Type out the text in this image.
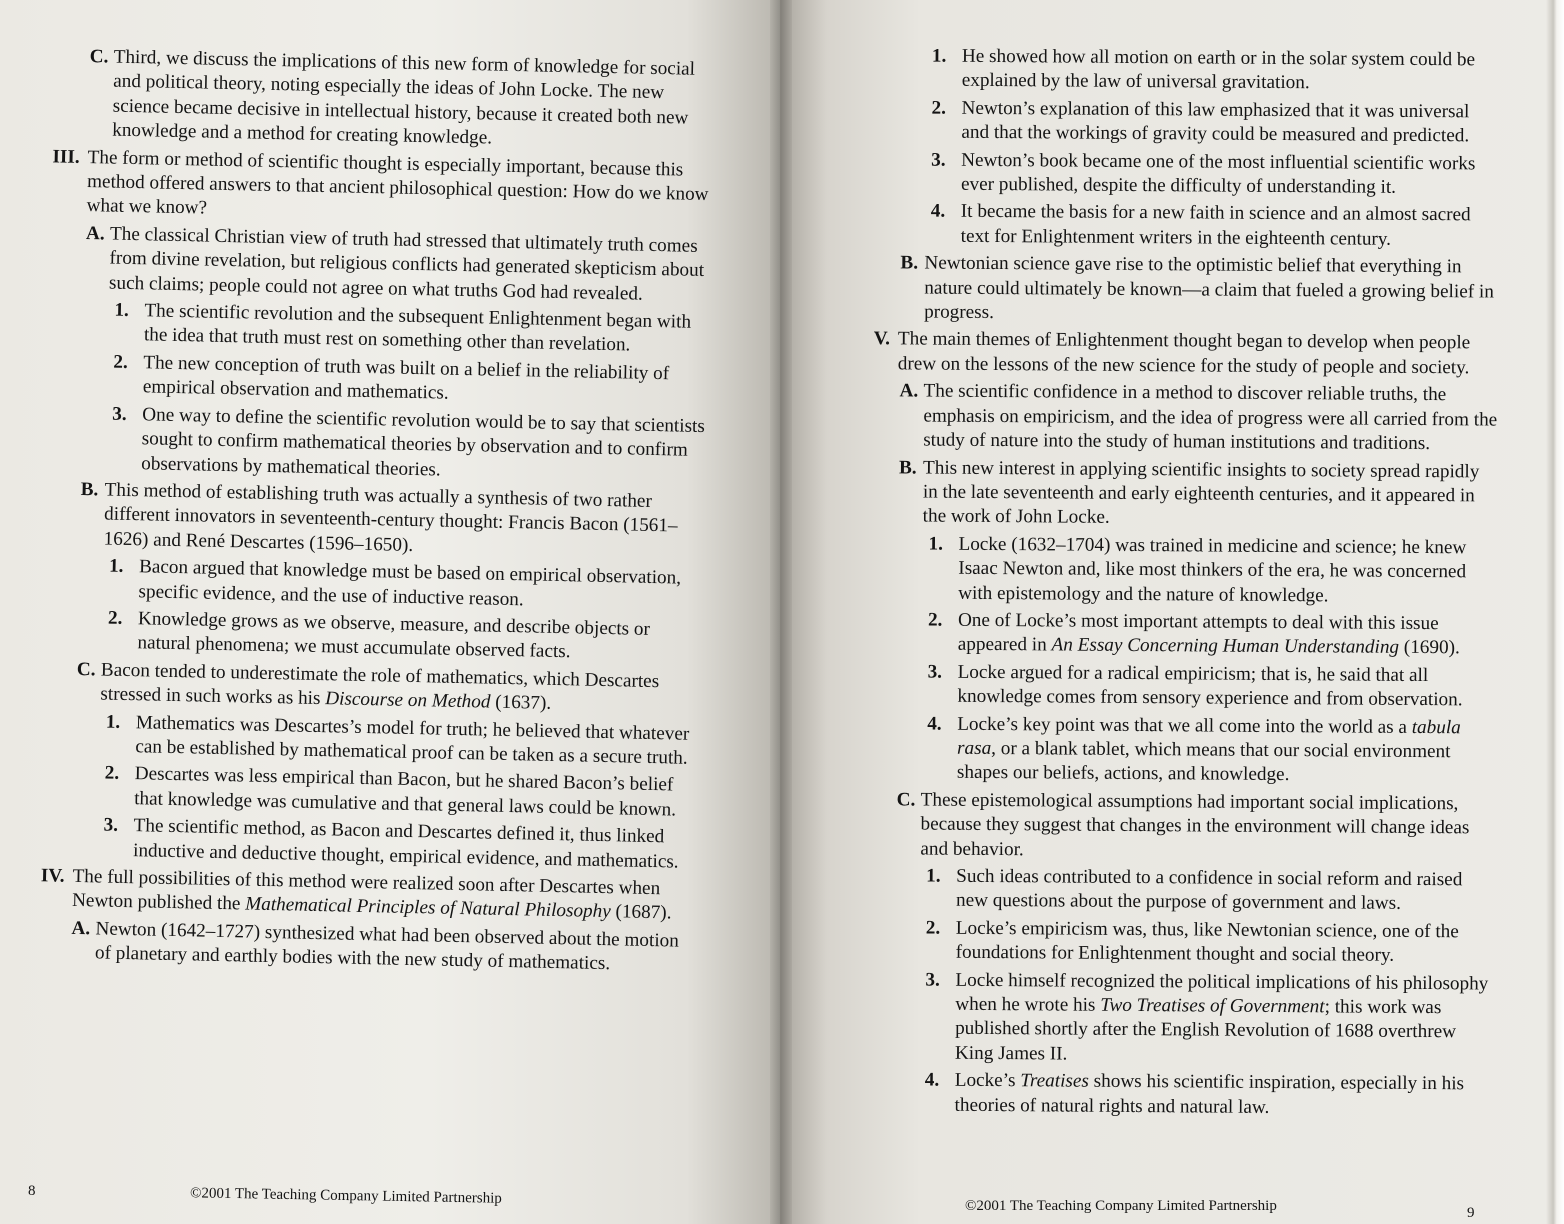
C. Third, we discuss the implications of this new form of knowledge for social and political theory, noting especially the ideas of John Locke. The new science became decisive in intellectual history, because it created both new knowledge and a method for creating knowledge.
III. The form or method of scientific thought is especially important, because this method offered answers to that ancient philosophical question: How do we know what we know?
A. The classical Christian view of truth had stressed that ultimately truth comes from divine revelation, but religious conflicts had generated skepticism about such claims; people could not agree on what truths God had revealed.
1. The scientific revolution and the subsequent Enlightenment began with the idea that truth must rest on something other than revelation.
2. The new conception of truth was built on a belief in the reliability of empirical observation and mathematics.
3. One way to define the scientific revolution would be to say that scientists sought to confirm mathematical theories by observation and to confirm observations by mathematical theories.
B. This method of establishing truth was actually a synthesis of two rather different innovators in seventeenth-century thought: Francis Bacon (1561–1626) and René Descartes (1596–1650).
1. Bacon argued that knowledge must be based on empirical observation, specific evidence, and the use of inductive reason.
2. Knowledge grows as we observe, measure, and describe objects or natural phenomena; we must accumulate observed facts.
C. Bacon tended to underestimate the role of mathematics, which Descartes stressed in such works as his Discourse on Method (1637).
1. Mathematics was Descartes’s model for truth; he believed that whatever can be established by mathematical proof can be taken as a secure truth.
2. Descartes was less empirical than Bacon, but he shared Bacon’s belief that knowledge was cumulative and that general laws could be known.
3. The scientific method, as Bacon and Descartes defined it, thus linked inductive and deductive thought, empirical evidence, and mathematics.
IV. The full possibilities of this method were realized soon after Descartes when Newton published the Mathematical Principles of Natural Philosophy (1687).
A. Newton (1642–1727) synthesized what had been observed about the motion of planetary and earthly bodies with the new study of mathematics.
8	©2001 The Teaching Company Limited Partnership
1. He showed how all motion on earth or in the solar system could be explained by the law of universal gravitation.
2. Newton’s explanation of this law emphasized that it was universal and that the workings of gravity could be measured and predicted.
3. Newton’s book became one of the most influential scientific works ever published, despite the difficulty of understanding it.
4. It became the basis for a new faith in science and an almost sacred text for Enlightenment writers in the eighteenth century.
B. Newtonian science gave rise to the optimistic belief that everything in nature could ultimately be known—a claim that fueled a growing belief in progress.
V. The main themes of Enlightenment thought began to develop when people drew on the lessons of the new science for the study of people and society.
A. The scientific confidence in a method to discover reliable truths, the emphasis on empiricism, and the idea of progress were all carried from the study of nature into the study of human institutions and traditions.
B. This new interest in applying scientific insights to society spread rapidly in the late seventeenth and early eighteenth centuries, and it appeared in the work of John Locke.
1. Locke (1632–1704) was trained in medicine and science; he knew Isaac Newton and, like most thinkers of the era, he was concerned with epistemology and the nature of knowledge.
2. One of Locke’s most important attempts to deal with this issue appeared in An Essay Concerning Human Understanding (1690).
3. Locke argued for a radical empiricism; that is, he said that all knowledge comes from sensory experience and from observation.
4. Locke’s key point was that we all come into the world as a tabula rasa, or a blank tablet, which means that our social environment shapes our beliefs, actions, and knowledge.
C. These epistemological assumptions had important social implications, because they suggest that changes in the environment will change ideas and behavior.
1. Such ideas contributed to a confidence in social reform and raised new questions about the purpose of government and laws.
2. Locke’s empiricism was, thus, like Newtonian science, one of the foundations for Enlightenment thought and social theory.
3. Locke himself recognized the political implications of his philosophy when he wrote his Two Treatises of Government; this work was published shortly after the English Revolution of 1688 overthrew King James II.
4. Locke’s Treatises shows his scientific inspiration, especially in his theories of natural rights and natural law.
©2001 The Teaching Company Limited Partnership	9
